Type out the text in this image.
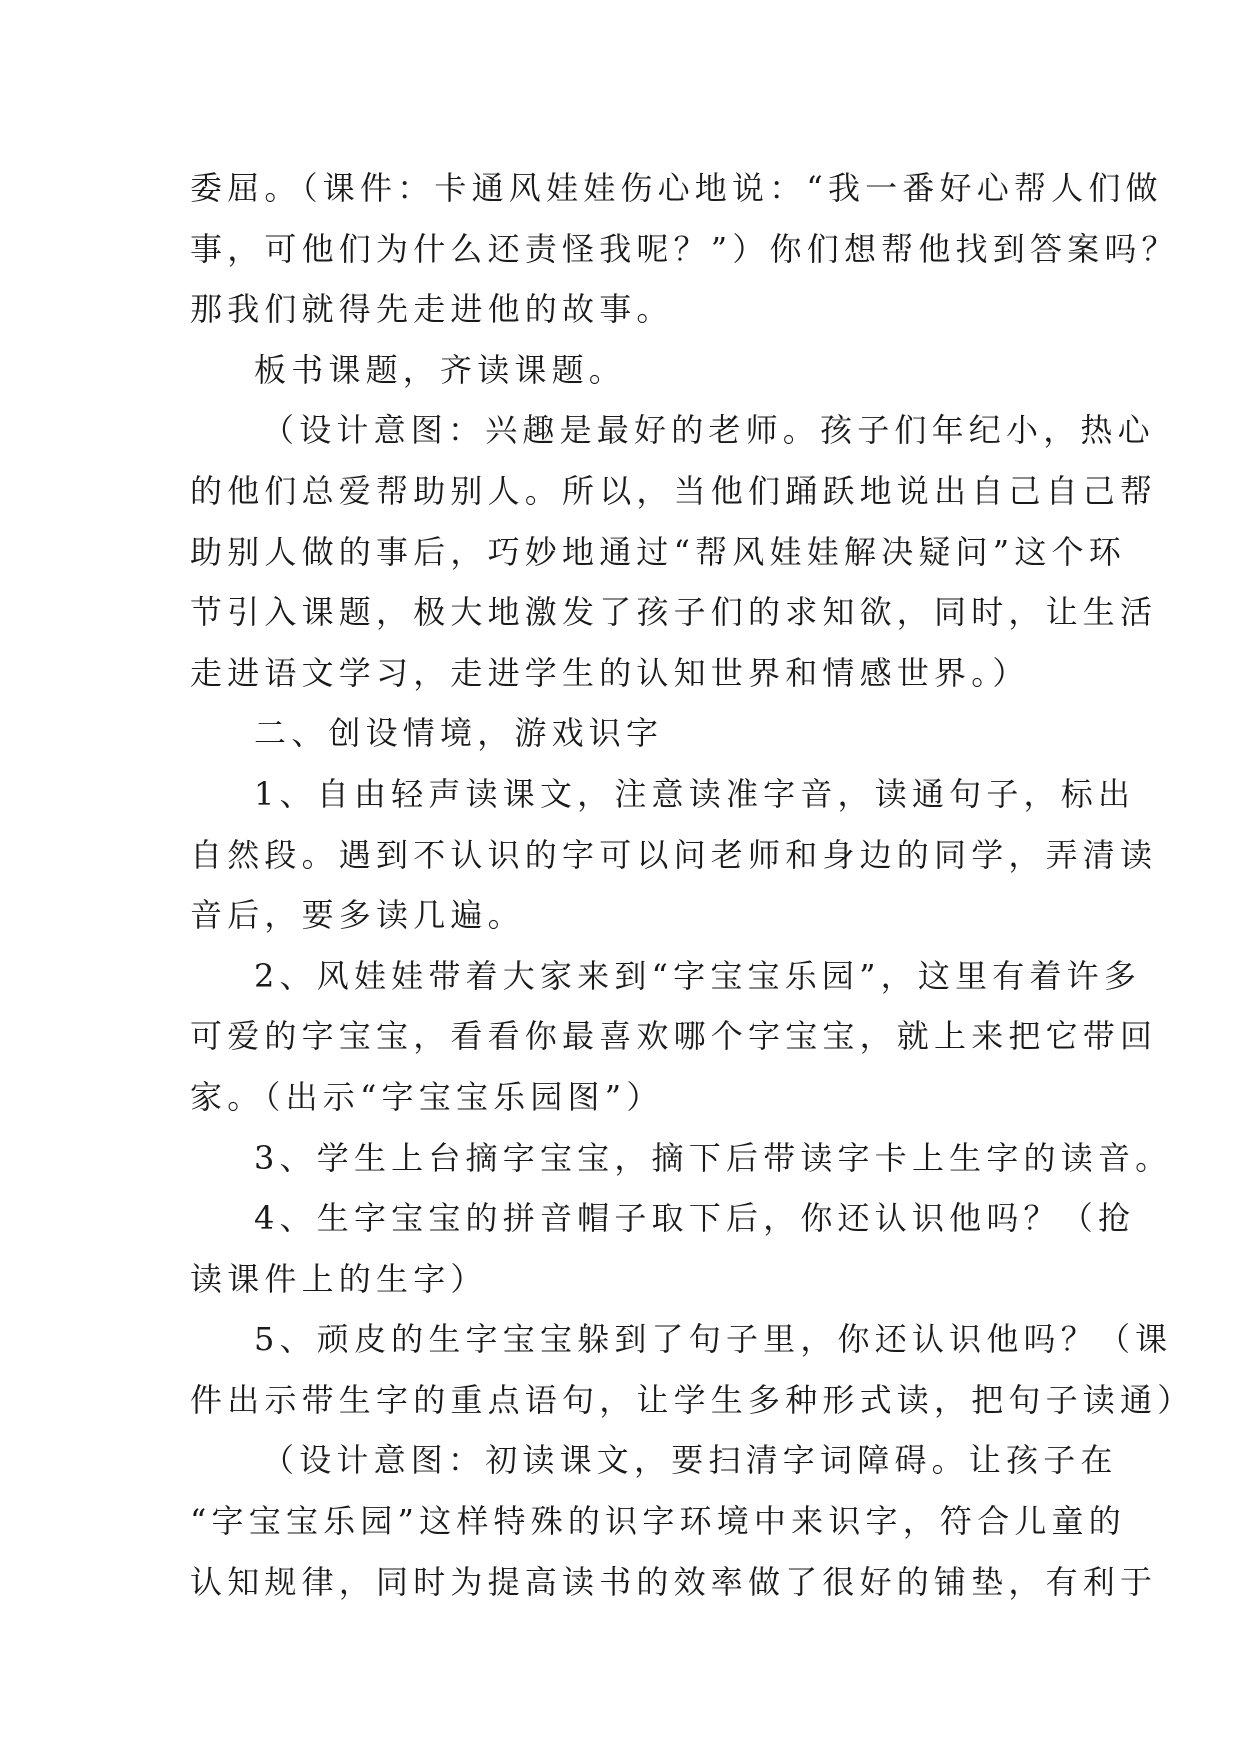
委屈。（课件：卡通风娃娃伤心地说：“我一番好心帮人们做
事，可他们为什么还责怪我呢？”）你们想帮他找到答案吗？
那我们就得先走进他的故事。
板书课题，齐读课题。
（设计意图：兴趣是最好的老师。孩子们年纪小，热心
的他们总爱帮助别人。所以，当他们踊跃地说出自己自己帮
助别人做的事后，巧妙地通过“帮风娃娃解决疑问”这个环
节引入课题，极大地激发了孩子们的求知欲，同时，让生活
走进语文学习，走进学生的认知世界和情感世界。）
二、创设情境，游戏识字
1、自由轻声读课文，注意读准字音，读通句子，标出
自然段。遇到不认识的字可以问老师和身边的同学，弄清读
音后，要多读几遍。
2、风娃娃带着大家来到“字宝宝乐园”，这里有着许多
可爱的字宝宝，看看你最喜欢哪个字宝宝，就上来把它带回
家。（出示“字宝宝乐园图”）
3、学生上台摘字宝宝，摘下后带读字卡上生字的读音。
4、生字宝宝的拼音帽子取下后，你还认识他吗？（抢
读课件上的生字）
5、顽皮的生字宝宝躲到了句子里，你还认识他吗？（课
件出示带生字的重点语句，让学生多种形式读，把句子读通）
（设计意图：初读课文，要扫清字词障碍。让孩子在
“字宝宝乐园”这样特殊的识字环境中来识字，符合儿童的
认知规律，同时为提高读书的效率做了很好的铺垫，有利于
